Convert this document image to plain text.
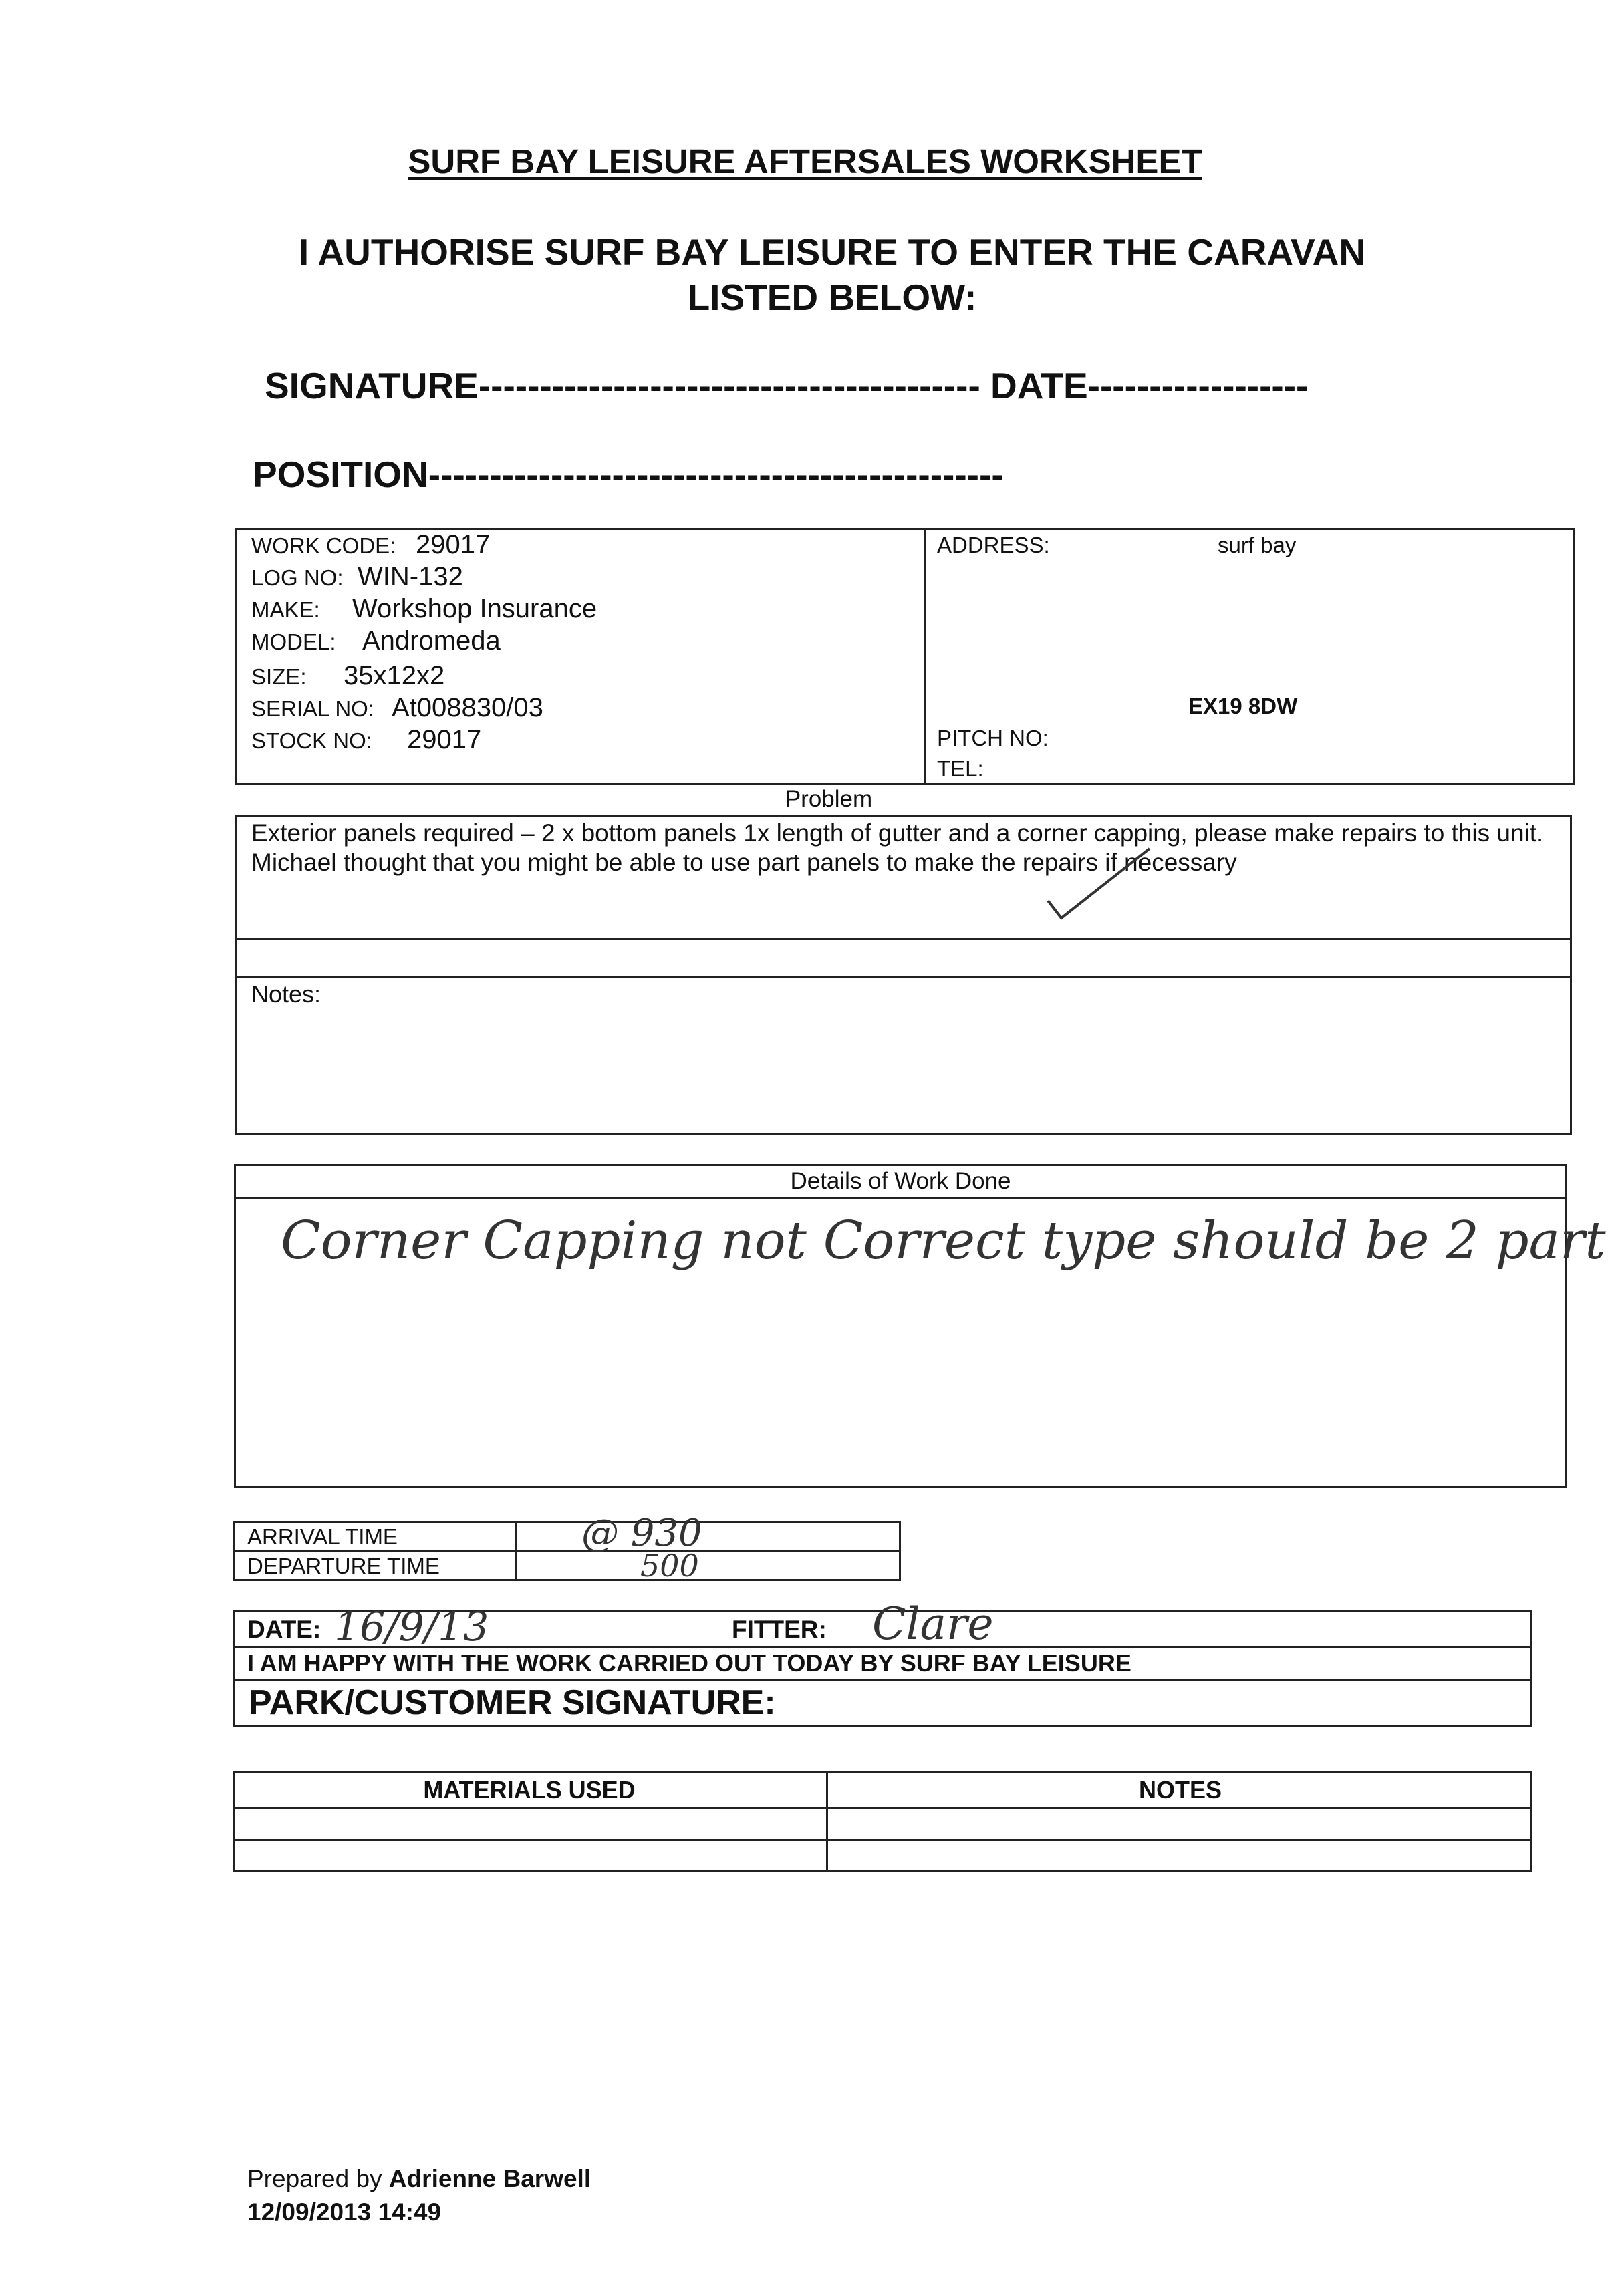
SURF BAY LEISURE AFTERSALES WORKSHEET
I AUTHORISE SURF BAY LEISURE TO ENTER THE CARAVAN
LISTED BELOW:
SIGNATURE----------------------------------------- DATE------------------
POSITION-----------------------------------------------
WORK CODE: 29017
LOG NO: WIN-132
MAKE: Workshop Insurance
MODEL: Andromeda
SIZE: 35x12x2
SERIAL NO: At008830/03
STOCK NO: 29017
ADDRESS:	surf bay
EX19 8DW
PITCH NO:
TEL:
Problem
Exterior panels required – 2 x bottom panels 1x length of gutter and a corner capping, please make repairs to this unit. Michael thought that you might be able to use part panels to make the repairs if necessary
Notes:
Details of Work Done
Corner Capping not Correct type should be 2 part
ARRIVAL TIME	@ 930
DEPARTURE TIME	500
DATE: 16/9/13	FITTER: Clare
I AM HAPPY WITH THE WORK CARRIED OUT TODAY BY SURF BAY LEISURE
PARK/CUSTOMER SIGNATURE:
MATERIALS USED	NOTES
Prepared by Adrienne Barwell
12/09/2013 14:49
